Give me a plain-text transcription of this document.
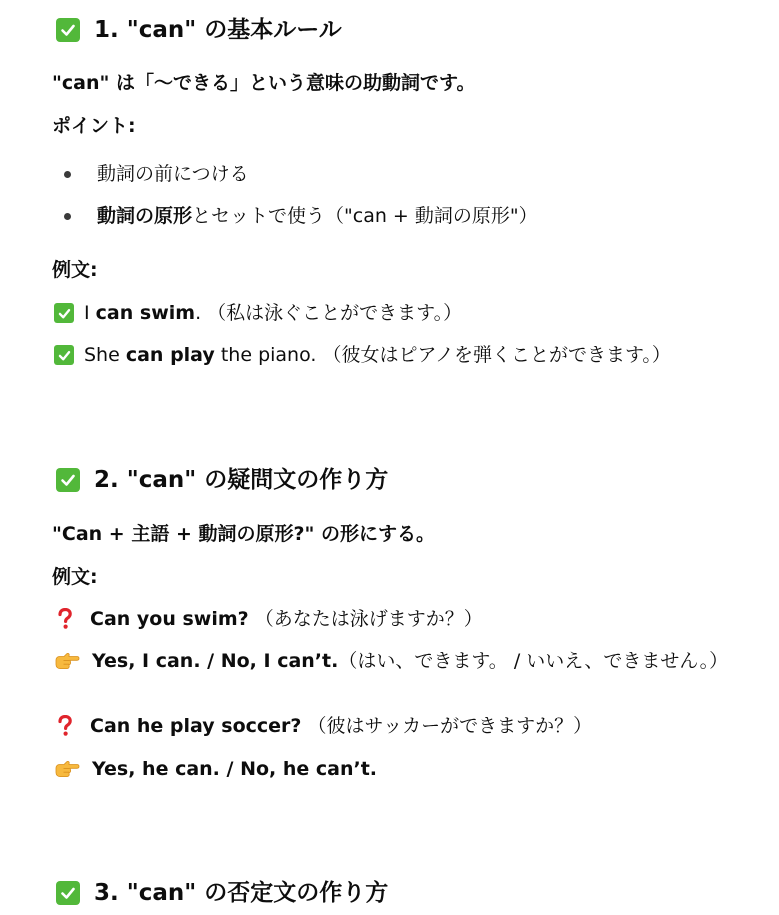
1. "can" の基本ルール
"can" は「〜できる」という意味の助動詞です。
ポイント:
動詞の前につける
動詞の原形 とセットで使う（"can + 動詞の原形"）
例文:
I can swim . （私は泳ぐことができます。）
She can play the piano. （彼女はピアノを弾くことができます。）
2. "can" の疑問文の作り方
"Can + 主語 + 動詞の原形?" の形にする。
例文:
Can you swim? （あなたは泳げますか？）
Yes, I can. / No, I can’t. （はい、できます。 / いいえ、できません。）
Can he play soccer? （彼はサッカーができますか？）
Yes, he can. / No, he can’t.
3. "can" の否定文の作り方
